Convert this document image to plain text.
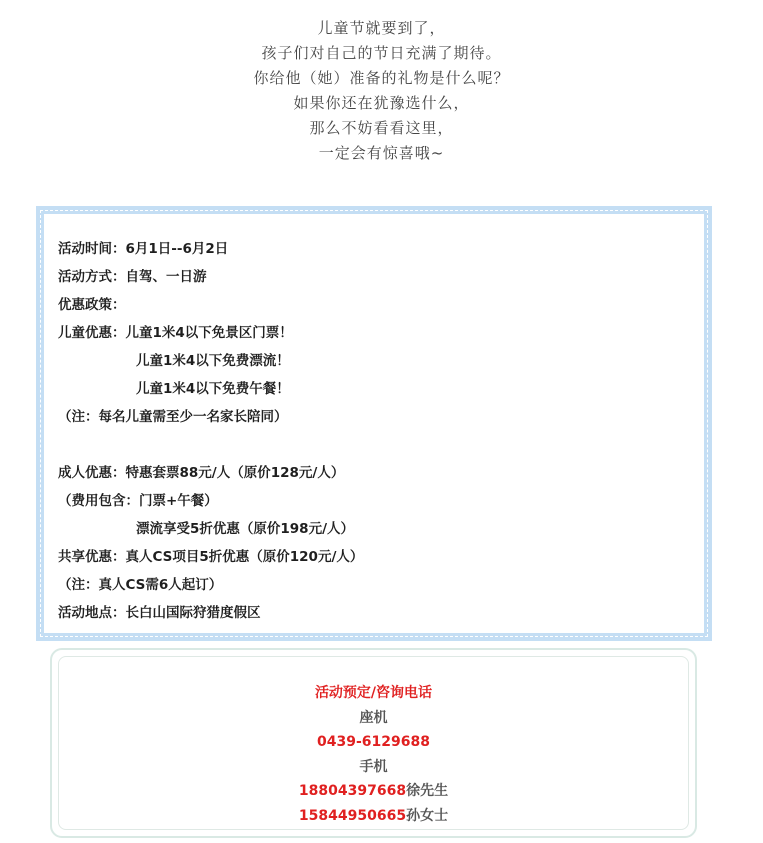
儿童节就要到了，
孩子们对自己的节日充满了期待。
你给他（她）准备的礼物是什么呢？
如果你还在犹豫选什么，
那么不妨看看这里，
一定会有惊喜哦~
活动时间：6月1日--6月2日
活动方式：自驾、一日游
优惠政策：
儿童优惠：儿童1米4以下免景区门票！
儿童1米4以下免费漂流！
儿童1米4以下免费午餐！
（注：每名儿童需至少一名家长陪同）
成人优惠：特惠套票88元/人（原价128元/人）
（费用包含：门票+午餐）
漂流享受5折优惠（原价198元/人）
共享优惠：真人CS项目5折优惠（原价120元/人）
（注：真人CS需6人起订）
活动地点：长白山国际狩猎度假区
活动预定/咨询电话
座机
0439-6129688
手机
18804397668徐先生
15844950665孙女士
